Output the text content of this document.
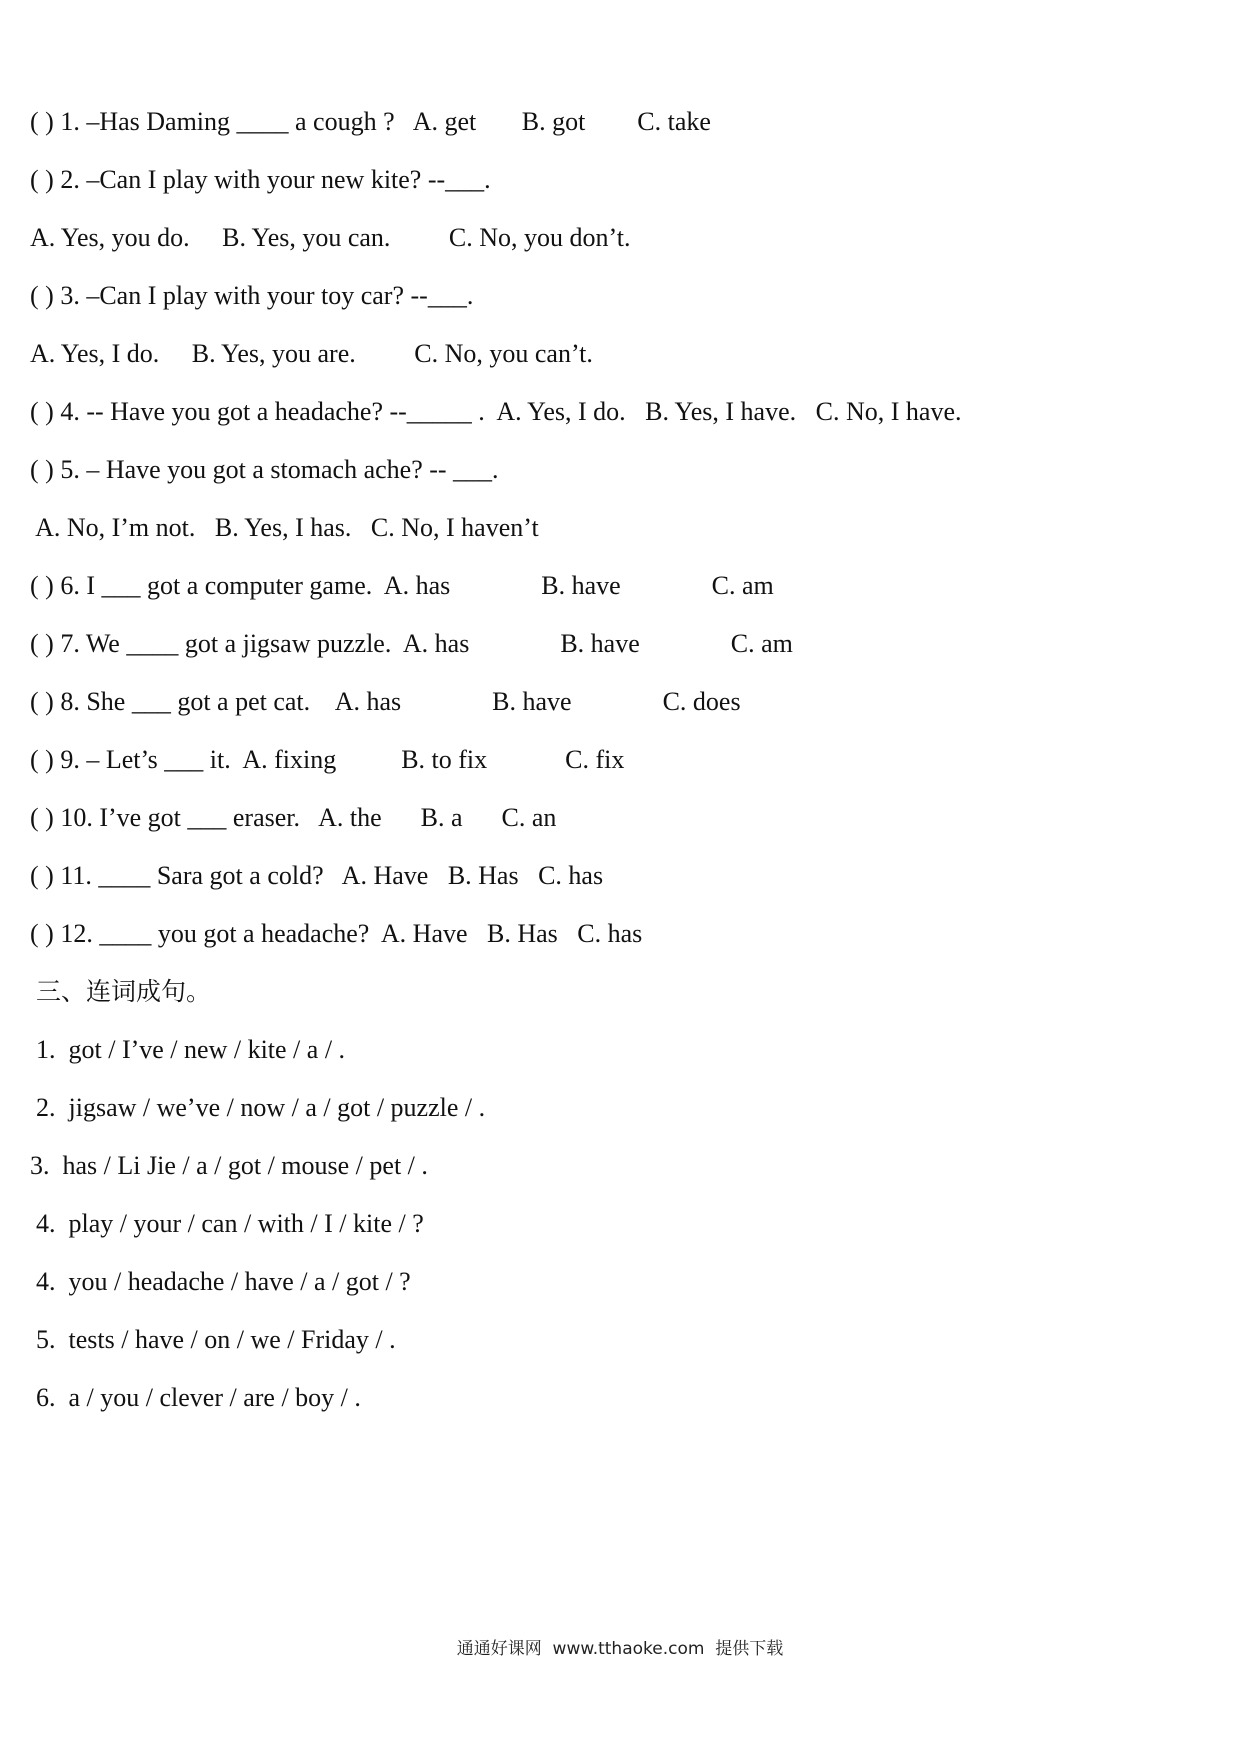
( ) 1. –Has Daming ____ a cough ?   A. get       B. got        C. take
( ) 2. –Can I play with your new kite? --___.
A. Yes, you do.     B. Yes, you can.         C. No, you don’t.
( ) 3. –Can I play with your toy car? --___.
A. Yes, I do.     B. Yes, you are.         C. No, you can’t.
( ) 4. -- Have you got a headache? --_____ .  A. Yes, I do.   B. Yes, I have.   C. No, I have.
( ) 5. – Have you got a stomach ache? -- ___.
A. No, I’m not.   B. Yes, I has.   C. No, I haven’t
( ) 6. I ___ got a computer game.  A. has              B. have              C. am
( ) 7. We ____ got a jigsaw puzzle.  A. has              B. have              C. am
( ) 8. She ___ got a pet cat.    A. has              B. have              C. does
( ) 9. – Let’s ___ it.  A. fixing          B. to fix            C. fix
( ) 10. I’ve got ___ eraser.   A. the      B. a      C. an
( ) 11. ____ Sara got a cold?   A. Have   B. Has   C. has
( ) 12. ____ you got a headache?  A. Have   B. Has   C. has
三、连词成句。
1.  got / I’ve / new / kite / a / .
2.  jigsaw / we’ve / now / a / got / puzzle / .
3.  has / Li Jie / a / got / mouse / pet / .
4.  play / your / can / with / I / kite / ?
4.  you / headache / have / a / got / ?
5.  tests / have / on / we / Friday / .
6.  a / you / clever / are / boy / .
通通好课网  www.tthaoke.com  提供下载
